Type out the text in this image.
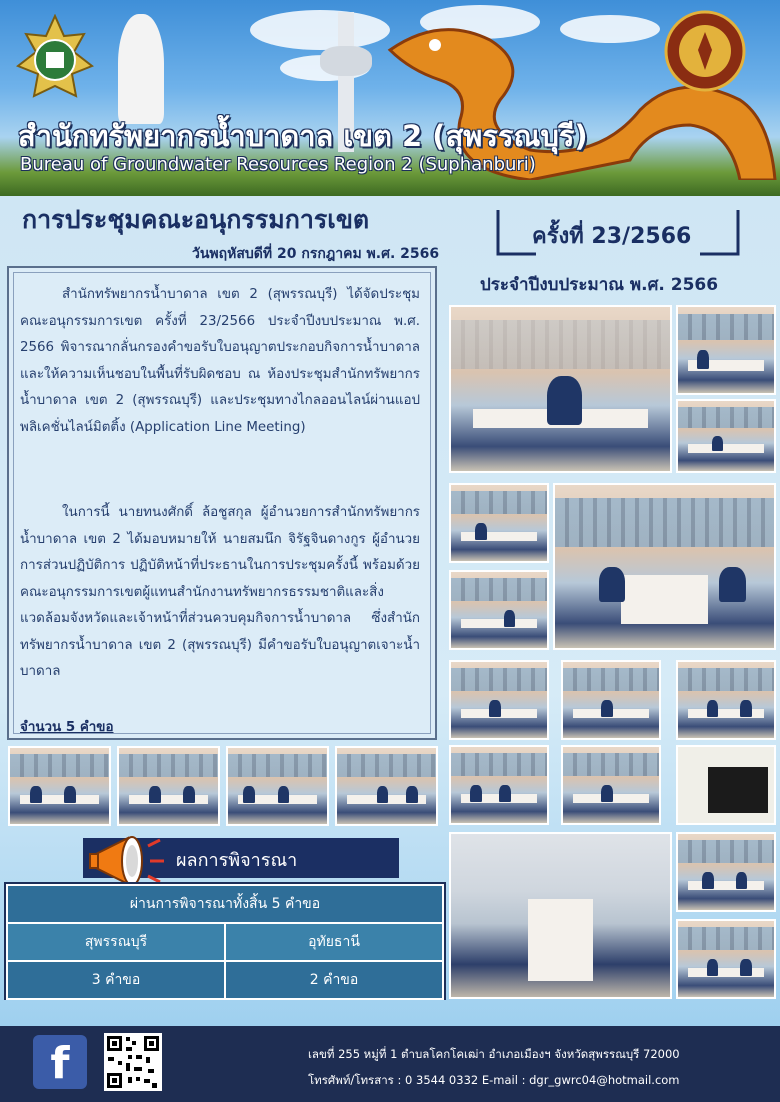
สำนักทรัพยากรน้ำบาดาล เขต 2 (สุพรรณบุรี)
Bureau of Groundwater Resources Region 2 (Suphanburi)
การประชุมคณะอนุกรรมการเขต
วันพฤหัสบดีที่ 20 กรกฎาคม พ.ศ. 2566
ครั้งที่ 23/2566
ประจำปีงบประมาณ พ.ศ. 2566
สำนักทรัพยากรน้ำบาดาล เขต 2 (สุพรรณบุรี) ได้จัดประชุมคณะอนุกรรมการเขต ครั้งที่ 23/2566 ประจำปีงบประมาณ พ.ศ. 2566 พิจารณากลั่นกรองคำขอรับใบอนุญาตประกอบกิจการน้ำบาดาล และให้ความเห็นชอบในพื้นที่รับผิดชอบ ณ ห้องประชุมสำนักทรัพยากรน้ำบาดาล เขต 2 (สุพรรณบุรี) และประชุมทางไกลออนไลน์ผ่านแอปพลิเคชั่นไลน์มิตติ้ง (Application Line Meeting)
ในการนี้ นายทนงศักดิ์ ล้อชูสกุล ผู้อำนวยการสำนักทรัพยากรน้ำบาดาล เขต 2 ได้มอบหมายให้ นายสมนึก จิรัฐจินดางกูร ผู้อำนวยการส่วนปฏิบัติการ ปฏิบัติหน้าที่ประธานในการประชุมครั้งนี้ พร้อมด้วยคณะอนุกรรมการเขตผู้แทนสำนักงานทรัพยากรธรรมชาติและสิ่งแวดล้อมจังหวัดและเจ้าหน้าที่ส่วนควบคุมกิจการน้ำบาดาล ซึ่งสำนักทรัพยากรน้ำบาดาล เขต 2 (สุพรรณบุรี) มีคำขอรับใบอนุญาตเจาะน้ำบาดาล
จำนวน 5 คำขอ
ผลการพิจารณา
ผ่านการพิจารณาทั้งสิ้น 5 คำขอ	
สุพรรณบุรี	อุทัยธานี
3 คำขอ	2 คำขอ
f	เลขที่ 255 หมู่ที่ 1 ตำบลโคกโคเฒ่า อำเภอเมืองฯ จังหวัดสุพรรณบุรี 72000
โทรศัพท์/โทรสาร : 0 3544 0332 E-mail : dgr_gwrc04@hotmail.com
